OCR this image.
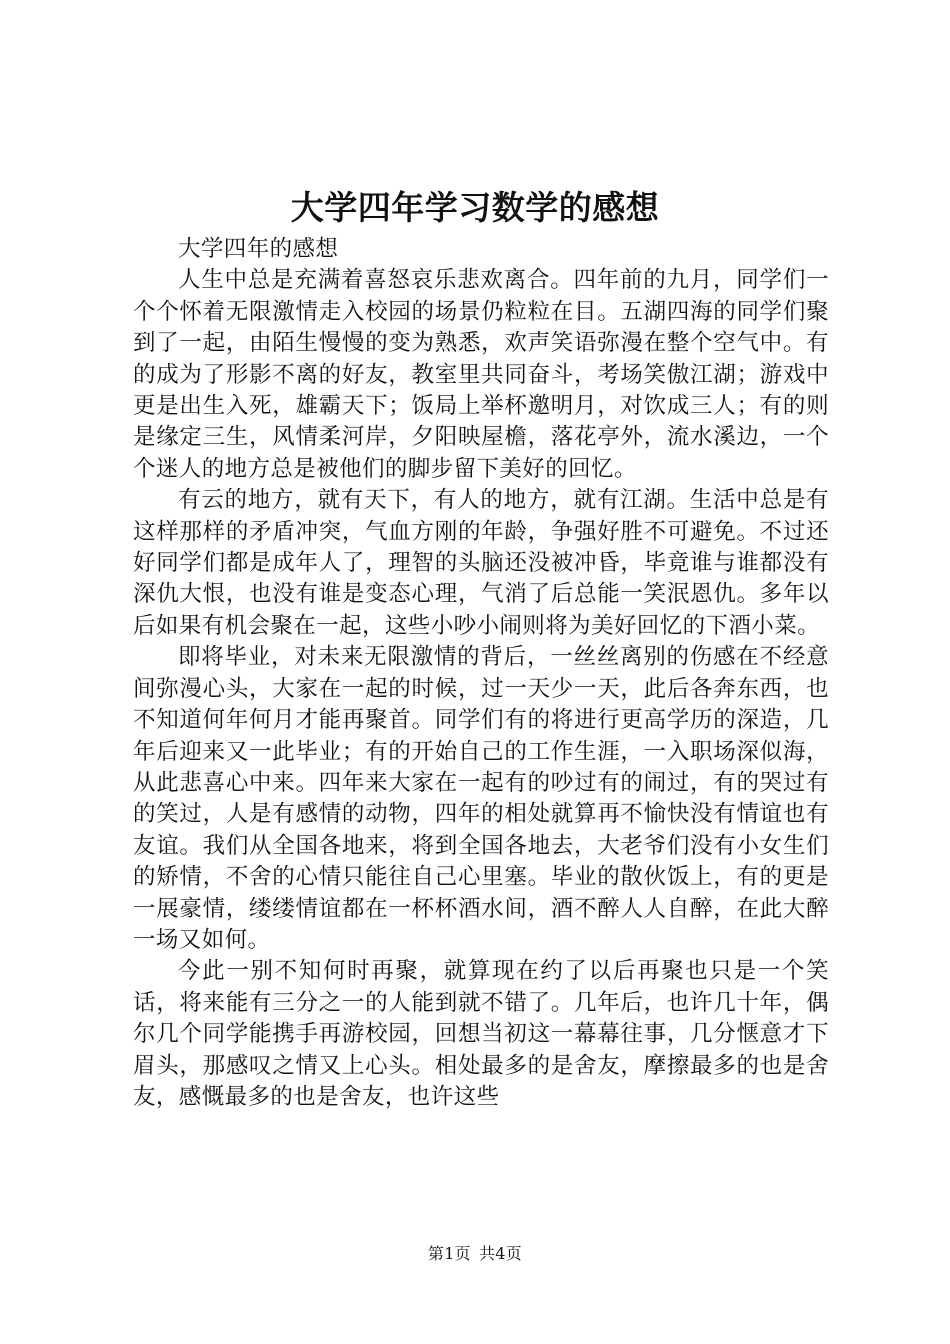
大学四年学习数学的感想

大学四年的感想

人生中总是充满着喜怒哀乐悲欢离合。四年前的九月，同学们一个个怀着无限激情走入校园的场景仍粒粒在目。五湖四海的同学们聚到了一起，由陌生慢慢的变为熟悉，欢声笑语弥漫在整个空气中。有的成为了形影不离的好友，教室里共同奋斗，考场笑傲江湖；游戏中更是出生入死，雄霸天下；饭局上举杯邀明月，对饮成三人；有的则是缘定三生，风情柔河岸，夕阳映屋檐，落花亭外，流水溪边，一个个迷人的地方总是被他们的脚步留下美好的回忆。

有云的地方，就有天下，有人的地方，就有江湖。生活中总是有这样那样的矛盾冲突，气血方刚的年龄，争强好胜不可避免。不过还好同学们都是成年人了，理智的头脑还没被冲昏，毕竟谁与谁都没有深仇大恨，也没有谁是变态心理，气消了后总能一笑泯恩仇。多年以后如果有机会聚在一起，这些小吵小闹则将为美好回忆的下酒小菜。

即将毕业，对未来无限激情的背后，一丝丝离别的伤感在不经意间弥漫心头，大家在一起的时候，过一天少一天，此后各奔东西，也不知道何年何月才能再聚首。同学们有的将进行更高学历的深造，几年后迎来又一此毕业；有的开始自己的工作生涯，一入职场深似海，从此悲喜心中来。四年来大家在一起有的吵过有的闹过，有的哭过有的笑过，人是有感情的动物，四年的相处就算再不愉快没有情谊也有友谊。我们从全国各地来，将到全国各地去，大老爷们没有小女生们的矫情，不舍的心情只能往自己心里塞。毕业的散伙饭上，有的更是一展豪情，缕缕情谊都在一杯杯酒水间，酒不醉人人自醉，在此大醉一场又如何。

今此一别不知何时再聚，就算现在约了以后再聚也只是一个笑话，将来能有三分之一的人能到就不错了。几年后，也许几十年，偶尔几个同学能携手再游校园，回想当初这一幕幕往事，几分惬意才下眉头，那感叹之情又上心头。相处最多的是舍友，摩擦最多的也是舍友，感慨最多的也是舍友，也许这些

第1页 共4页
